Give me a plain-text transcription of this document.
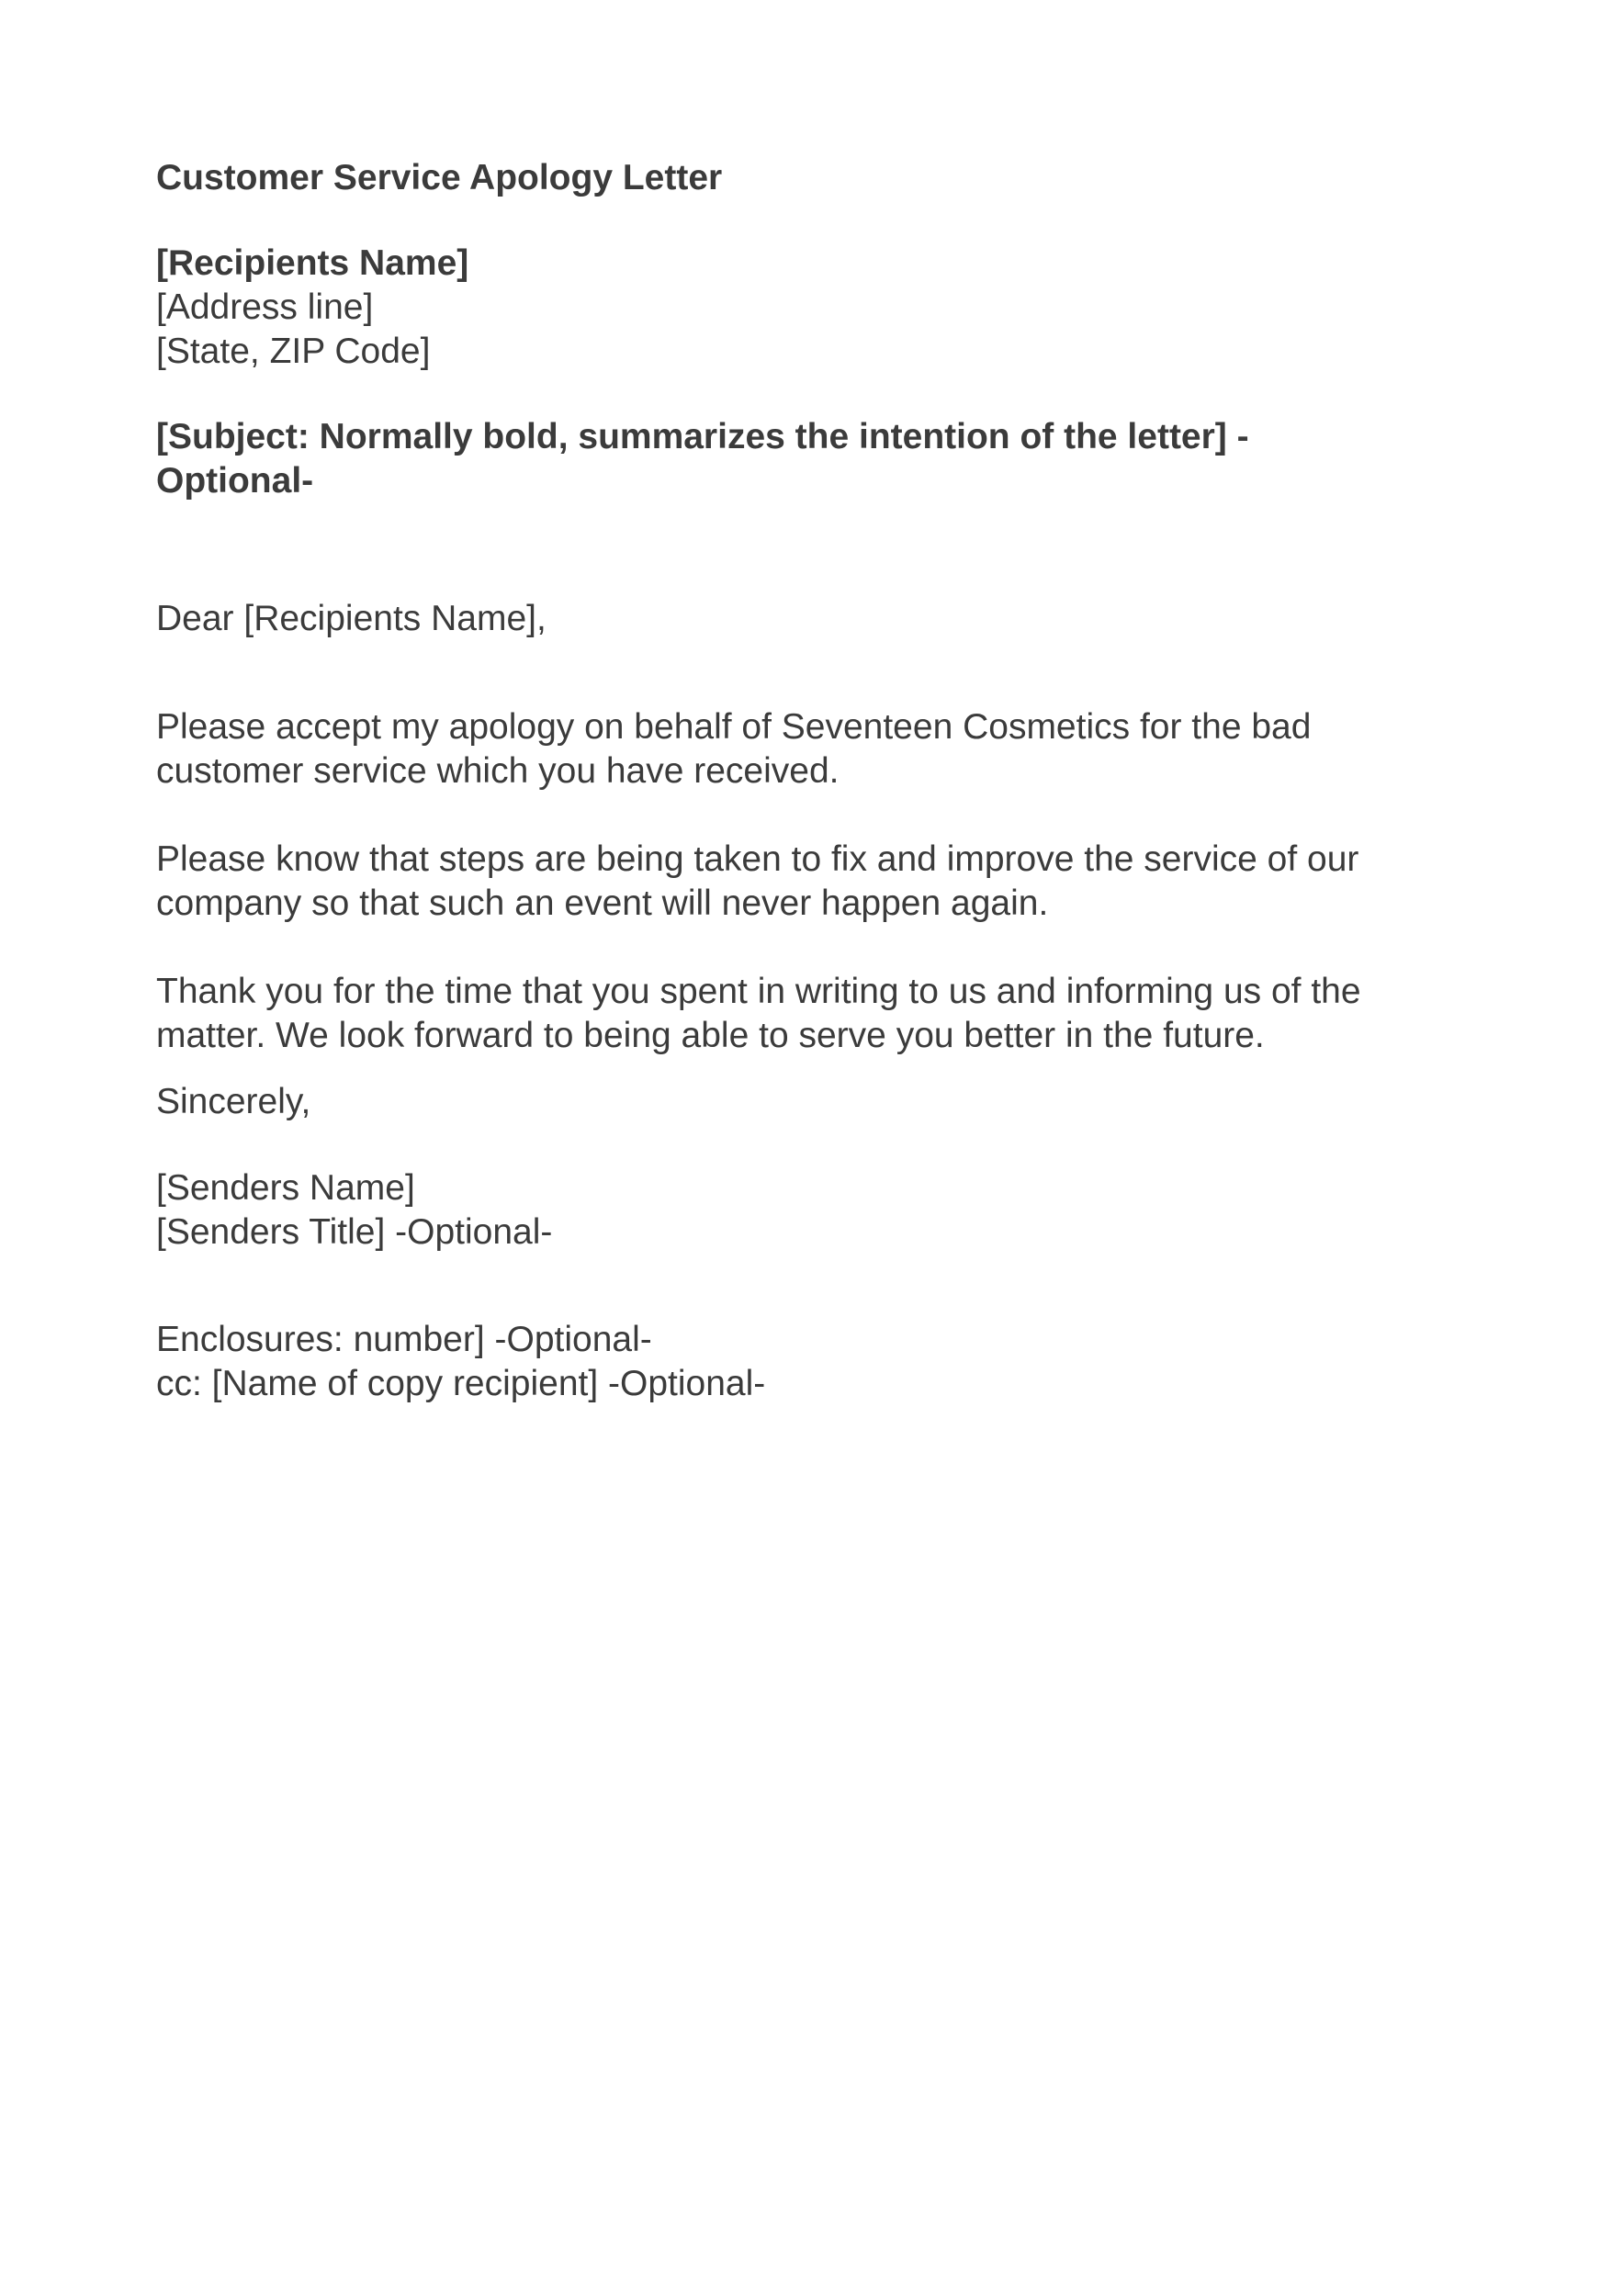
Customer Service Apology Letter
[Recipients Name]
[Address line]
[State, ZIP Code]
[Subject: Normally bold, summarizes the intention of the letter] -
Optional-
Dear [Recipients Name],
Please accept my apology on behalf of Seventeen Cosmetics for the bad
customer service which you have received.
Please know that steps are being taken to fix and improve the service of our
company so that such an event will never happen again.
Thank you for the time that you spent in writing to us and informing us of the
matter. We look forward to being able to serve you better in the future.
Sincerely,
[Senders Name]
[Senders Title] -Optional-
Enclosures: number] -Optional-
cc: [Name of copy recipient] -Optional-
